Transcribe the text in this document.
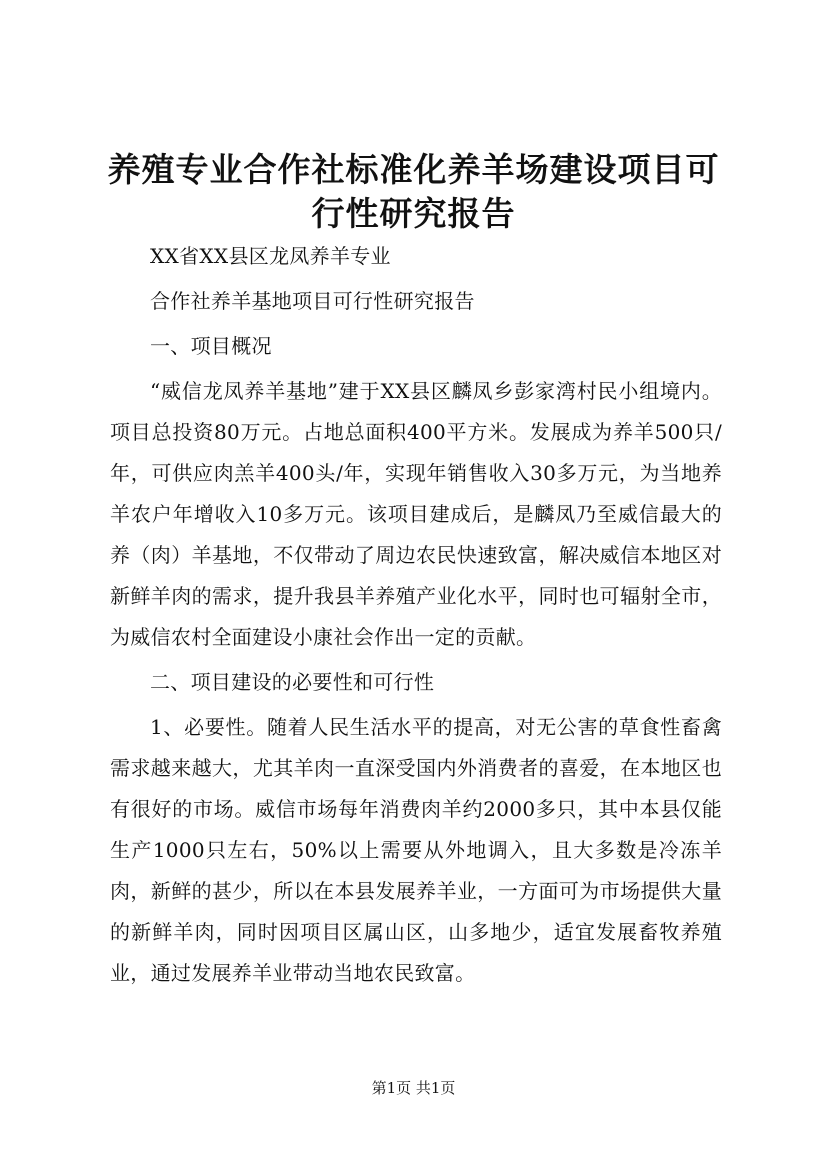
养殖专业合作社标准化养羊场建设项目可行性研究报告

XX省XX县区龙凤养羊专业

合作社养羊基地项目可行性研究报告

一、项目概况

“威信龙凤养羊基地”建于XX县区麟凤乡彭家湾村民小组境内。项目总投资80万元。占地总面积400平方米。发展成为养羊500只/年，可供应肉羔羊400头/年，实现年销售收入30多万元，为当地养羊农户年增收入10多万元。该项目建成后，是麟凤乃至威信最大的养（肉）羊基地，不仅带动了周边农民快速致富，解决威信本地区对新鲜羊肉的需求，提升我县羊养殖产业化水平，同时也可辐射全市，为威信农村全面建设小康社会作出一定的贡献。

二、项目建设的必要性和可行性

1、必要性。随着人民生活水平的提高，对无公害的草食性畜禽需求越来越大，尤其羊肉一直深受国内外消费者的喜爱，在本地区也有很好的市场。威信市场每年消费肉羊约2000多只，其中本县仅能生产1000只左右，50%以上需要从外地调入，且大多数是冷冻羊肉，新鲜的甚少，所以在本县发展养羊业，一方面可为市场提供大量的新鲜羊肉，同时因项目区属山区，山多地少，适宜发展畜牧养殖业，通过发展养羊业带动当地农民致富。

第1页 共1页
